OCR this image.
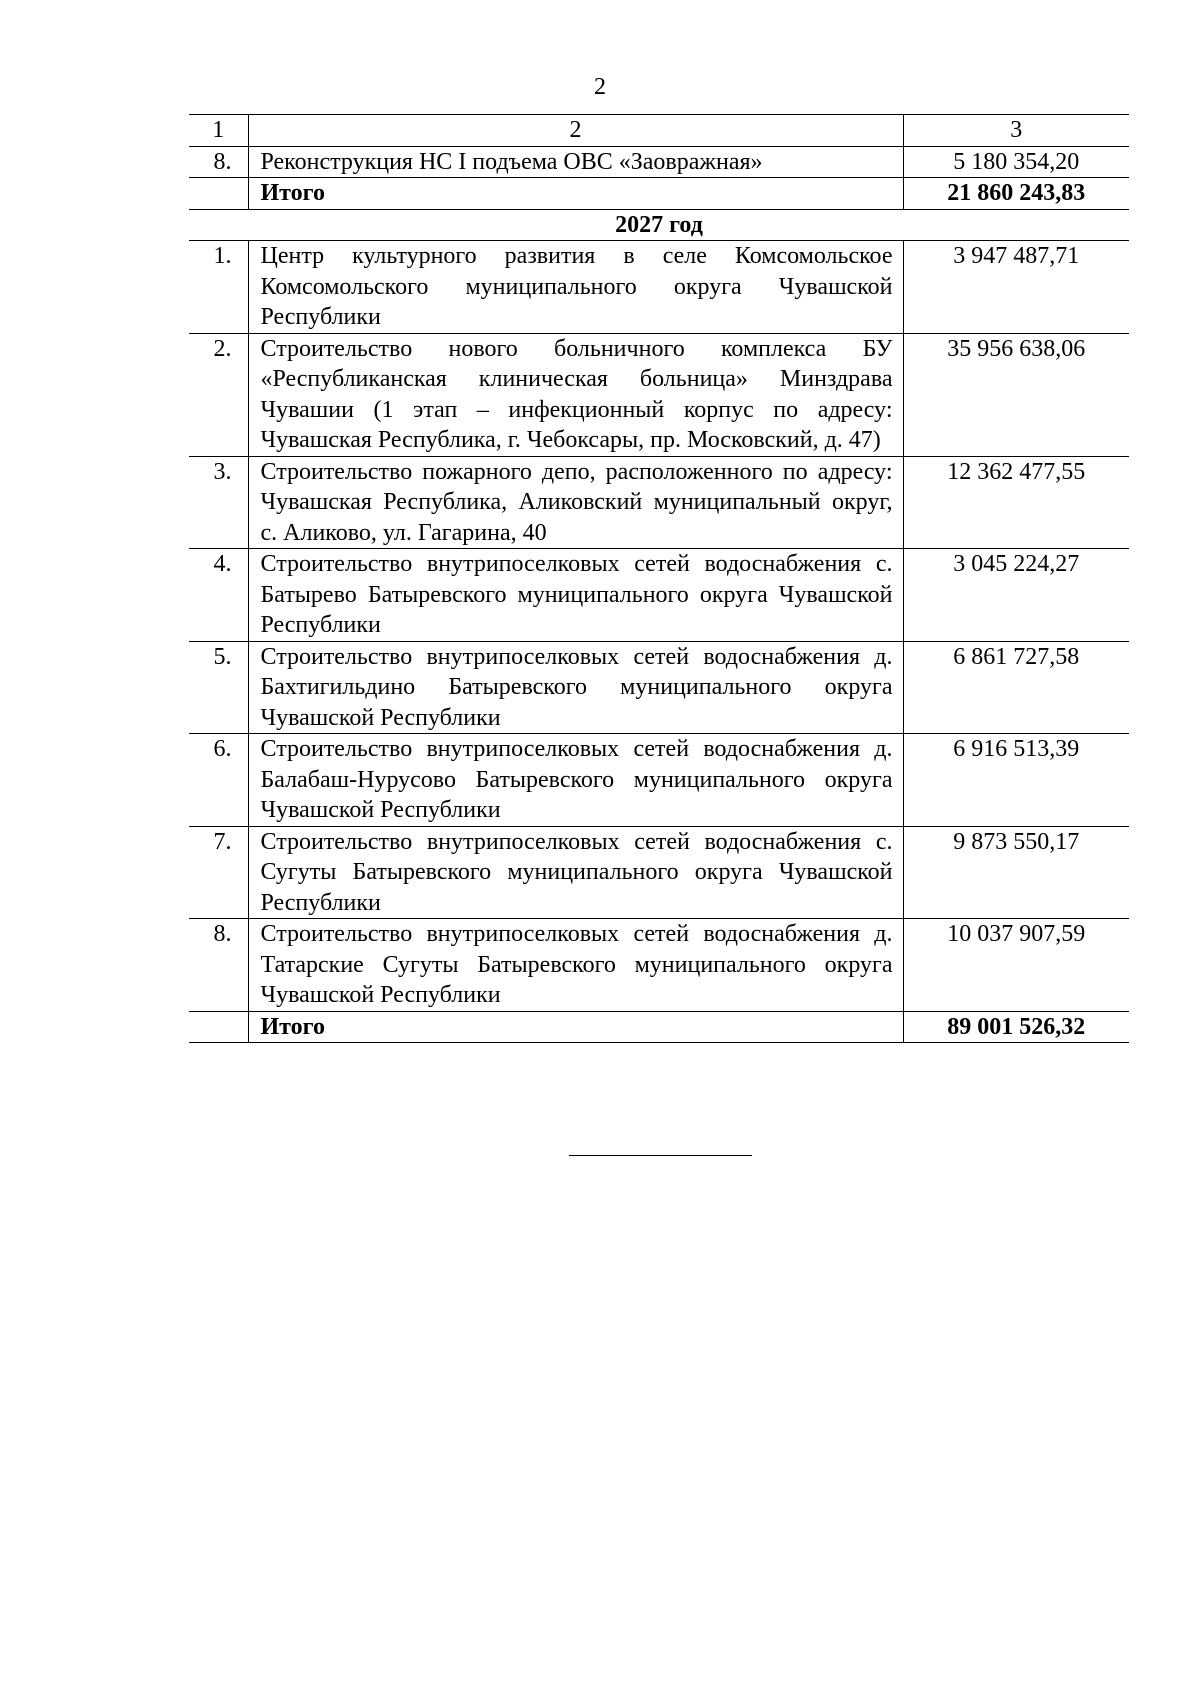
2
1	2	3
8.	Реконструкция НС I подъема ОВС «Заовражная»	5 180 354,20
	Итого	21 860 243,83
2027 год		
1.	Центр культурного развития в селе Комсомольское Комсомольского муниципального округа Чувашской Республики	3 947 487,71
2.	Строительство нового больничного комплекса БУ «Республиканская клиническая больница» Минздрава Чувашии (1 этап – инфекционный корпус по адресу: Чувашская Республика, г. Чебоксары, пр. Московский, д. 47)	35 956 638,06
3.	Строительство пожарного депо, расположенного по адресу: Чувашская Республика, Аликовский муниципальный округ, с. Аликово, ул. Гагарина, 40	12 362 477,55
4.	Строительство внутрипоселковых сетей водоснабжения с. Батырево Батыревского муниципального округа Чувашской Республики	3 045 224,27
5.	Строительство внутрипоселковых сетей водоснабжения д. Бахтигильдино Батыревского муниципального округа Чувашской Республики	6 861 727,58
6.	Строительство внутрипоселковых сетей водоснабжения д. Балабаш-Нурусово Батыревского муниципального округа Чувашской Республики	6 916 513,39
7.	Строительство внутрипоселковых сетей водоснабжения с. Сугуты Батыревского муниципального округа Чувашской Республики	9 873 550,17
8.	Строительство внутрипоселковых сетей водоснабжения д. Татарские Сугуты Батыревского муниципального округа Чувашской Республики	10 037 907,59
	Итого	89 001 526,32
